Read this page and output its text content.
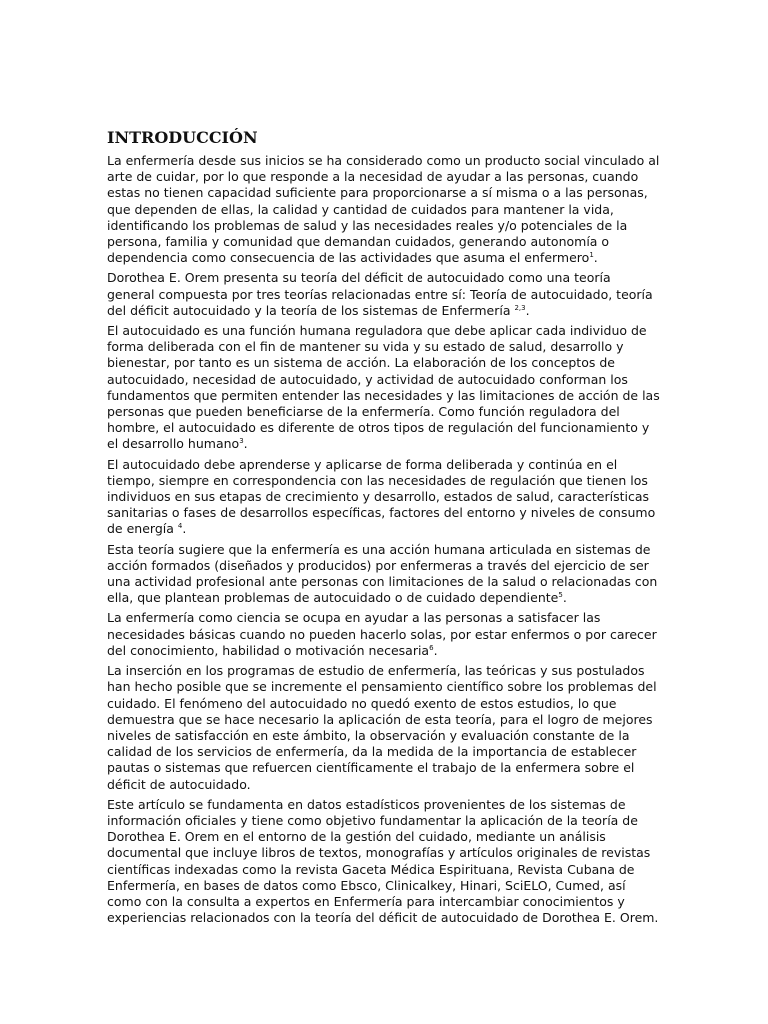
INTRODUCCIÓN

La enfermería desde sus inicios se ha considerado como un producto social vinculado al
arte de cuidar, por lo que responde a la necesidad de ayudar a las personas, cuando
estas no tienen capacidad suficiente para proporcionarse a sí misma o a las personas,
que dependen de ellas, la calidad y cantidad de cuidados para mantener la vida,
identificando los problemas de salud y las necesidades reales y/o potenciales de la
persona, familia y comunidad que demandan cuidados, generando autonomía o
dependencia como consecuencia de las actividades que asuma el enfermero$^1$.

Dorothea E. Orem presenta su teoría del déficit de autocuidado como una teoría
general compuesta por tres teorías relacionadas entre sí: Teoría de autocuidado, teoría
del déficit autocuidado y la teoría de los sistemas de Enfermería $^{2,3}$.

El autocuidado es una función humana reguladora que debe aplicar cada individuo de
forma deliberada con el fin de mantener su vida y su estado de salud, desarrollo y
bienestar, por tanto es un sistema de acción. La elaboración de los conceptos de
autocuidado, necesidad de autocuidado, y actividad de autocuidado conforman los
fundamentos que permiten entender las necesidades y las limitaciones de acción de las
personas que pueden beneficiarse de la enfermería. Como función reguladora del
hombre, el autocuidado es diferente de otros tipos de regulación del funcionamiento y
el desarrollo humano$^3$.

El autocuidado debe aprenderse y aplicarse de forma deliberada y continúa en el
tiempo, siempre en correspondencia con las necesidades de regulación que tienen los
individuos en sus etapas de crecimiento y desarrollo, estados de salud, características
sanitarias o fases de desarrollos específicas, factores del entorno y niveles de consumo
de energía $^4$.

Esta teoría sugiere que la enfermería es una acción humana articulada en sistemas de
acción formados (diseñados y producidos) por enfermeras a través del ejercicio de ser
una actividad profesional ante personas con limitaciones de la salud o relacionadas con
ella, que plantean problemas de autocuidado o de cuidado dependiente$^5$.

La enfermería como ciencia se ocupa en ayudar a las personas a satisfacer las
necesidades básicas cuando no pueden hacerlo solas, por estar enfermos o por carecer
del conocimiento, habilidad o motivación necesaria$^6$.

La inserción en los programas de estudio de enfermería, las teóricas y sus postulados
han hecho posible que se incremente el pensamiento científico sobre los problemas del
cuidado. El fenómeno del autocuidado no quedó exento de estos estudios, lo que
demuestra que se hace necesario la aplicación de esta teoría, para el logro de mejores
niveles de satisfacción en este ámbito, la observación y evaluación constante de la
calidad de los servicios de enfermería, da la medida de la importancia de establecer
pautas o sistemas que refuercen científicamente el trabajo de la enfermera sobre el
déficit de autocuidado.

Este artículo se fundamenta en datos estadísticos provenientes de los sistemas de
información oficiales y tiene como objetivo fundamentar la aplicación de la teoría de
Dorothea E. Orem en el entorno de la gestión del cuidado, mediante un análisis
documental que incluye libros de textos, monografías y artículos originales de revistas
científicas indexadas como la revista Gaceta Médica Espirituana, Revista Cubana de
Enfermería, en bases de datos como Ebsco, Clinicalkey, Hinari, SciELO, Cumed, así
como con la consulta a expertos en Enfermería para intercambiar conocimientos y
experiencias relacionados con la teoría del déficit de autocuidado de Dorothea E. Orem.
